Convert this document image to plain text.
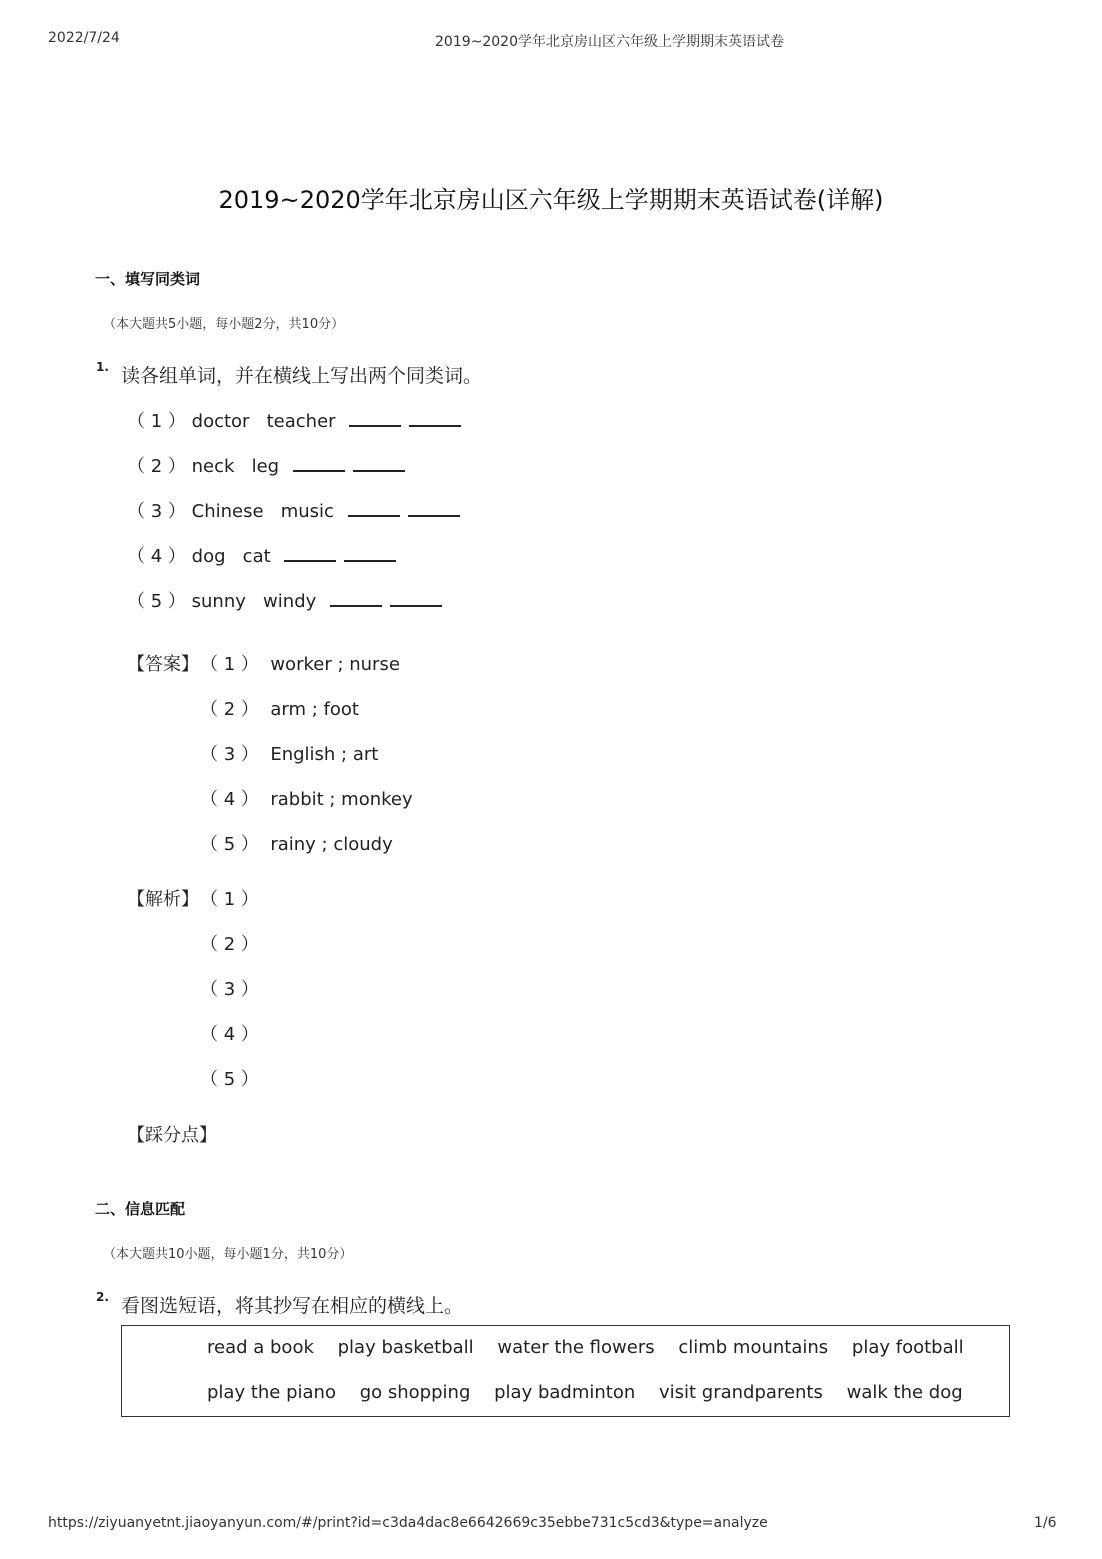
2022/7/24	2019~2020学年北京房山区六年级上学期期末英语试卷
2019~2020学年北京房山区六年级上学期期末英语试卷(详解)
一、填写同类词
（本大题共5小题，每小题2分，共10分）
1. 读各组单词，并在横线上写出两个同类词。
（ 1 ） doctor   teacher
（ 2 ） neck   leg
（ 3 ） Chinese   music
（ 4 ） dog   cat
（ 5 ） sunny   windy
【答案】 （ 1 ）  worker ; nurse
（ 2 ）  arm ; foot
（ 3 ）  English ; art
（ 4 ）  rabbit ; monkey
（ 5 ）  rainy ; cloudy
【解析】 （ 1 ）
（ 2 ）
（ 3 ）
（ 4 ）
（ 5 ）
【踩分点】
二、信息匹配
（本大题共10小题，每小题1分，共10分）
2. 看图选短语，将其抄写在相应的横线上。
read a book play basketball water the flowers climb mountains play football
play the piano go shopping play badminton visit grandparents walk the dog
https://ziyuanyetnt.jiaoyanyun.com/#/print?id=c3da4dac8e6642669c35ebbe731c5cd3&type=analyze	1/6
